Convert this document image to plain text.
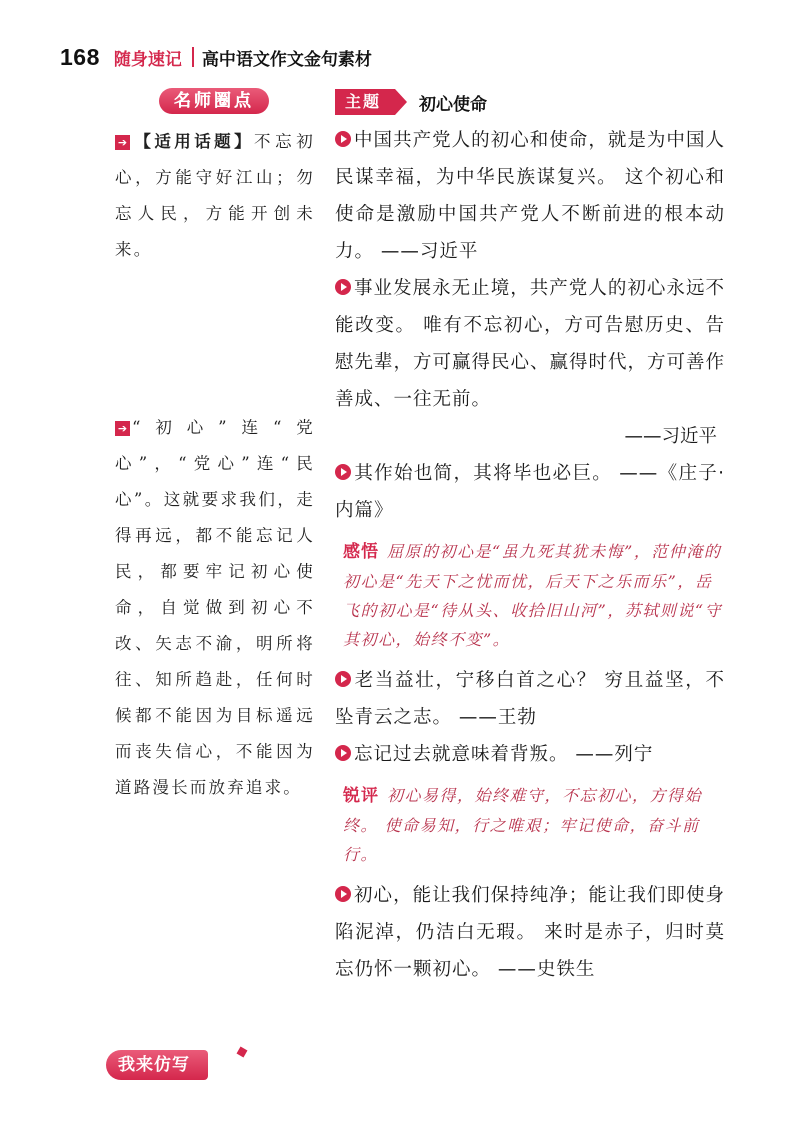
168 随身速记 高中语文作文金句素材
名师圈点
➔ 【适用话题】不忘初心，方能守好江山；勿忘人民，方能开创未来。
➔ “初心”连“党心”，“党心”连“民心”。这就要求我们，走得再远，都不能忘记人民，都要牢记初心使命，自觉做到初心不改、矢志不渝，明所将往、知所趋赴，任何时候都不能因为目标遥远而丧失信心，不能因为道路漫长而放弃追求。
主题	初心使命

中国共产党人的初心和使命，就是为中国人民谋幸福，为中华民族谋复兴。 这个初心和使命是激励中国共产党人不断前进的根本动力。 ——习近平

事业发展永无止境，共产党人的初心永远不能改变。 唯有不忘初心，方可告慰历史、告慰先辈，方可赢得民心、赢得时代，方可善作善成、一往无前。

——习近平

其作始也简，其将毕也必巨。 ——《庄子·内篇》

感悟 屈原的初心是“虽九死其犹未悔”，范仲淹的初心是“先天下之忧而忧，后天下之乐而乐”，岳飞的初心是“待从头、收拾旧山河”，苏轼则说“守其初心，始终不变”。

老当益壮，宁移白首之心？ 穷且益坚，不坠青云之志。 ——王勃

忘记过去就意味着背叛。 ——列宁

锐评 初心易得，始终难守，不忘初心，方得始终。 使命易知，行之唯艰；牢记使命，奋斗前行。

初心，能让我们保持纯净；能让我们即使身陷泥淖，仍洁白无瑕。 来时是赤子，归时莫忘仍怀一颗初心。 ——史铁生

我来仿写
